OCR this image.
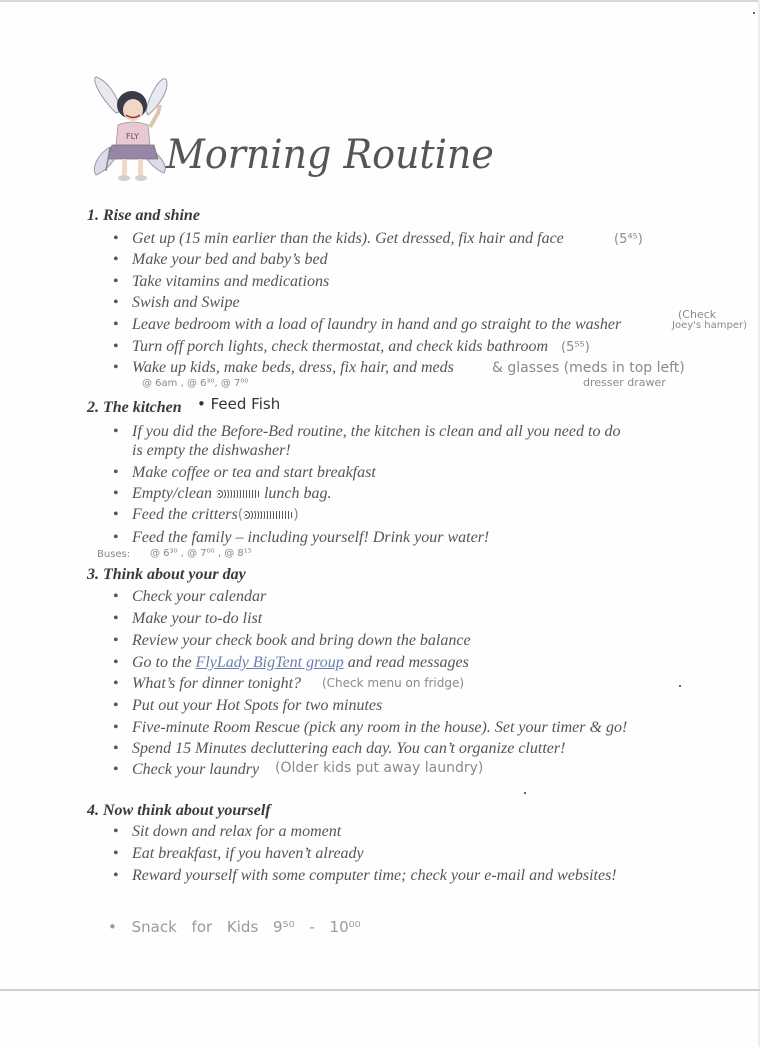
FLY Morning Routine
1. Rise and shine
• Get up (15 min earlier than the kids). Get dressed, fix hair and face	(5⁴⁵)
• Make your bed and baby’s bed
• Take vitamins and medications
• Swish and Swipe
• Leave bedroom with a load of laundry in hand and go straight to the washer
(Check
Joey's hamper)
• Turn off porch lights, check thermostat, and check kids bathroom (5⁵⁵)
• Wake up kids, make beds, dress, fix hair, and meds	& glasses (meds in top left)
dresser drawer
@ 6am , @ 6³⁰, @ 7⁰⁰
2. The kitchen • Feed Fish
• If you did the Before-Bed routine, the kitchen is clean and all you need to do
is empty the dishwasher!
• Make coffee or tea and start breakfast
• Empty/clean	lunch bag.
• Feed the critters(	)
• Feed the family – including yourself! Drink your water!
Buses: @ 6³⁰ , @ 7⁰⁰ , @ 8¹⁵
3. Think about your day
• Check your calendar
• Make your to-do list
• Review your check book and bring down the balance
• Go to the FlyLady BigTent group and read messages
• What’s for dinner tonight? (Check menu on fridge)
• Put out your Hot Spots for two minutes
• Five-minute Room Rescue (pick any room in the house). Set your timer & go!
• Spend 15 Minutes decluttering each day. You can’t organize clutter!
• Check your laundry (Older kids put away laundry)
4. Now think about yourself
• Sit down and relax for a moment
• Eat breakfast, if you haven’t already
• Reward yourself with some computer time; check your e-mail and websites!
• Snack for Kids 9⁵⁰ - 10⁰⁰
